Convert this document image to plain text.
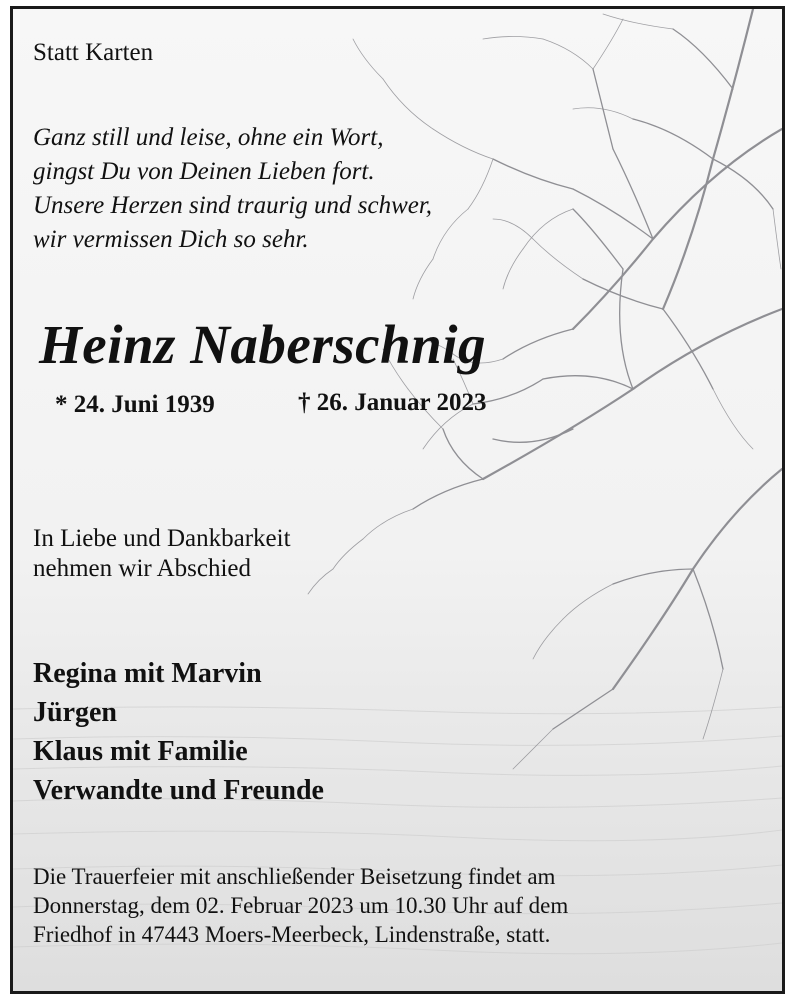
Statt Karten
Ganz still und leise, ohne ein Wort,
gingst Du von Deinen Lieben fort.
Unsere Herzen sind traurig und schwer,
wir vermissen Dich so sehr.
Heinz Naberschnig
* 24. Juni 1939	† 26. Januar 2023
In Liebe und Dankbarkeit
nehmen wir Abschied
Regina mit Marvin
Jürgen
Klaus mit Familie
Verwandte und Freunde
Die Trauerfeier mit anschließender Beisetzung findet am
Donnerstag, dem 02. Februar 2023 um 10.30 Uhr auf dem
Friedhof in 47443 Moers-Meerbeck, Lindenstraße, statt.
